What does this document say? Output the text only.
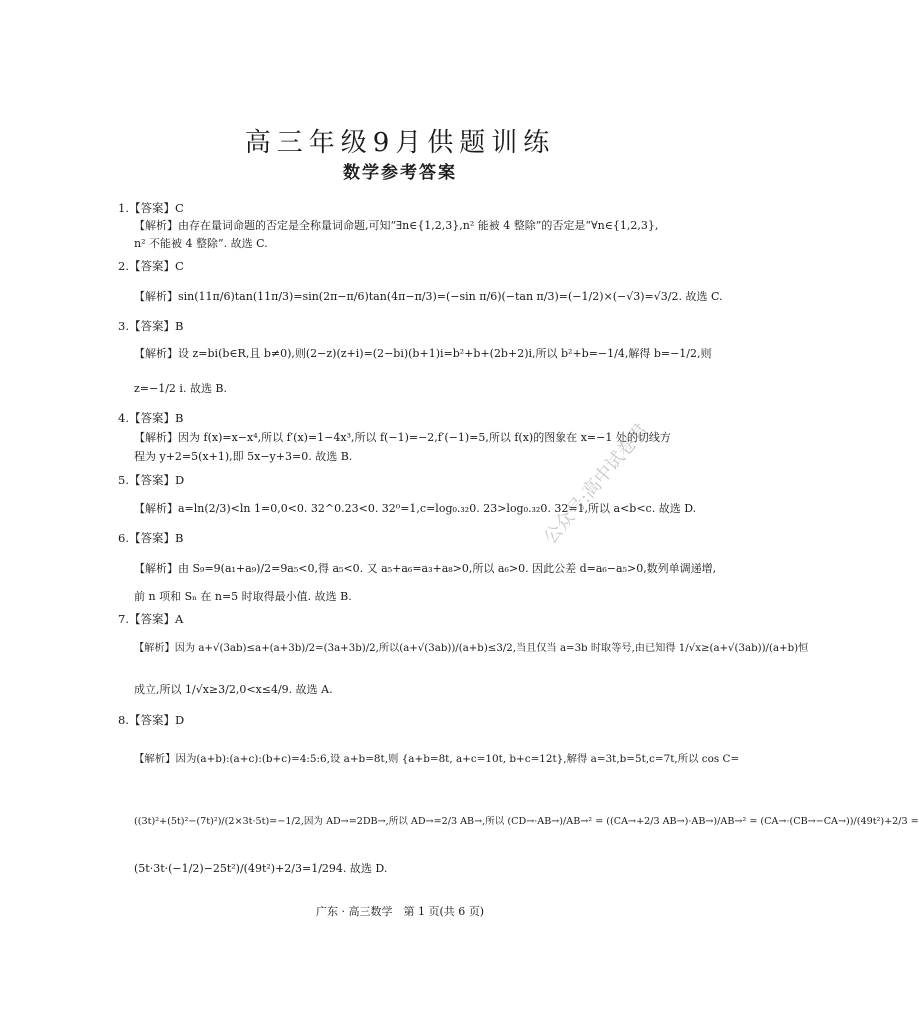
高三年级9月供题训练
数学参考答案
1.【答案】C
【解析】由存在量词命题的否定是全称量词命题,可知“∃n∈{1,2,3},n² 能被 4 整除”的否定是“∀n∈{1,2,3},
n² 不能被 4 整除”. 故选 C.
2.【答案】C
【解析】sin(11π/6)tan(11π/3)=sin(2π−π/6)tan(4π−π/3)=(−sin π/6)(−tan π/3)=(−1/2)×(−√3)=√3/2. 故选 C.
3.【答案】B
【解析】设 z=bi(b∈R,且 b≠0),则(2−z)(z+i)=(2−bi)(b+1)i=b²+b+(2b+2)i,所以 b²+b=−1/4,解得 b=−1/2,则
z=−1/2 i. 故选 B.
4.【答案】B
【解析】因为 f(x)=x−x⁴,所以 f′(x)=1−4x³,所以 f(−1)=−2,f′(−1)=5,所以 f(x)的图象在 x=−1 处的切线方
程为 y+2=5(x+1),即 5x−y+3=0. 故选 B.
5.【答案】D
【解析】a=ln(2/3)<ln 1=0,0<0. 32^0.23<0. 32⁰=1,c=log₀.₃₂0. 23>log₀.₃₂0. 32=1,所以 a<b<c. 故选 D.
6.【答案】B
【解析】由 S₉=9(a₁+a₉)/2=9a₅<0,得 a₅<0. 又 a₅+a₆=a₃+a₈>0,所以 a₆>0. 因此公差 d=a₆−a₅>0,数列单调递增,
前 n 项和 Sₙ 在 n=5 时取得最小值. 故选 B.
7.【答案】A
【解析】因为 a+√(3ab)≤a+(a+3b)/2=(3a+3b)/2,所以(a+√(3ab))/(a+b)≤3/2,当且仅当 a=3b 时取等号,由已知得 1/√x≥(a+√(3ab))/(a+b)恒
成立,所以 1/√x≥3/2,0<x≤4/9. 故选 A.
8.【答案】D
【解析】因为(a+b):(a+c):(b+c)=4:5:6,设 a+b=8t,则 {a+b=8t, a+c=10t, b+c=12t},解得 a=3t,b=5t,c=7t,所以 cos C=
((3t)²+(5t)²−(7t)²)/(2×3t·5t)=−1/2,因为 AD→=2DB→,所以 AD→=2/3 AB→,所以 (CD→·AB→)/AB→² = ((CA→+2/3 AB→)·AB→)/AB→² = (CA→·(CB→−CA→))/(49t²)+2/3 =
(5t·3t·(−1/2)−25t²)/(49t²)+2/3=1/294. 故选 D.
公众号:高中试卷君
广东 · 高三数学　第 1 页(共 6 页)
